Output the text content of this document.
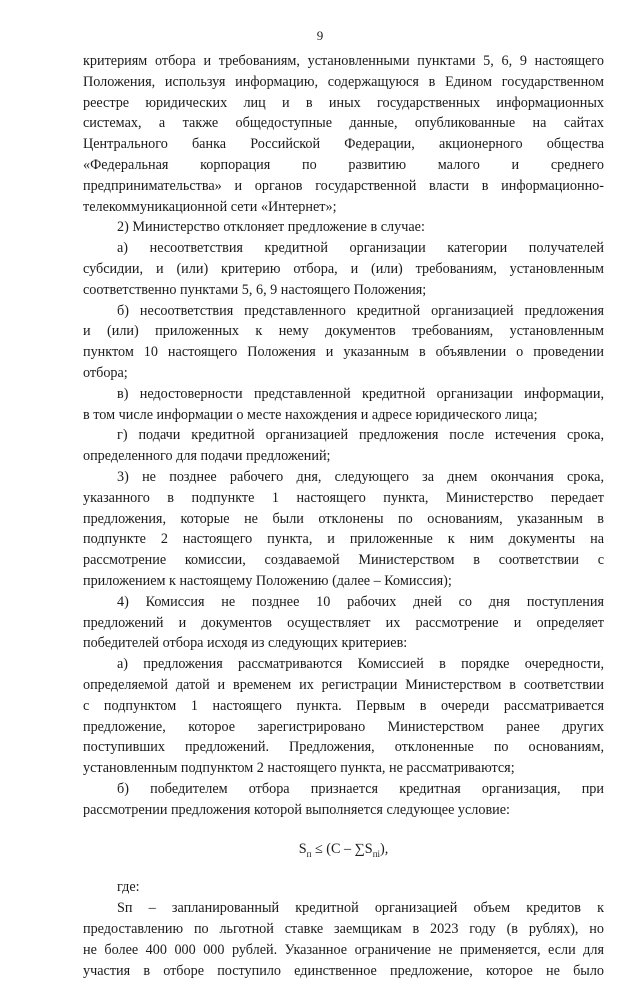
9
критериям отбора и требованиям, установленными пунктами 5, 6, 9 настоящего
Положения, используя информацию, содержащуюся в Едином государственном
реестре юридических лиц и в иных государственных информационных
системах, а также общедоступные данные, опубликованные на сайтах
Центрального банка Российской Федерации, акционерного общества
«Федеральная корпорация по развитию малого и среднего
предпринимательства» и органов государственной власти в информационно-
телекоммуникационной сети «Интернет»;
2) Министерство отклоняет предложение в случае:
а) несоответствия кредитной организации категории получателей
субсидии, и (или) критерию отбора, и (или) требованиям, установленным
соответственно пунктами 5, 6, 9 настоящего Положения;
б) несоответствия представленного кредитной организацией предложения
и (или) приложенных к нему документов требованиям, установленным
пунктом 10 настоящего Положения и указанным в объявлении о проведении
отбора;
в) недостоверности представленной кредитной организации информации,
в том числе информации о месте нахождения и адресе юридического лица;
г) подачи кредитной организацией предложения после истечения срока,
определенного для подачи предложений;
3) не позднее рабочего дня, следующего за днем окончания срока,
указанного в подпункте 1 настоящего пункта, Министерство передает
предложения, которые не были отклонены по основаниям, указанным в
подпункте 2 настоящего пункта, и приложенные к ним документы на
рассмотрение комиссии, создаваемой Министерством в соответствии с
приложением к настоящему Положению (далее – Комиссия);
4) Комиссия не позднее 10 рабочих дней со дня поступления
предложений и документов осуществляет их рассмотрение и определяет
победителей отбора исходя из следующих критериев:
а) предложения рассматриваются Комиссией в порядке очередности,
определяемой датой и временем их регистрации Министерством в соответствии
с подпунктом 1 настоящего пункта. Первым в очереди рассматривается
предложение, которое зарегистрировано Министерством ранее других
поступивших предложений. Предложения, отклоненные по основаниям,
установленным подпунктом 2 настоящего пункта, не рассматриваются;
б) победителем отбора признается кредитная организация, при
рассмотрении предложения которой выполняется следующее условие:
$S_п \le (C - \sum S_{пi})$,
где:
Sп – запланированный кредитной организацией объем кредитов к
предоставлению по льготной ставке заемщикам в 2023 году (в рублях), но
не более 400 000 000 рублей. Указанное ограничение не применяется, если для
участия в отборе поступило единственное предложение, которое не было
